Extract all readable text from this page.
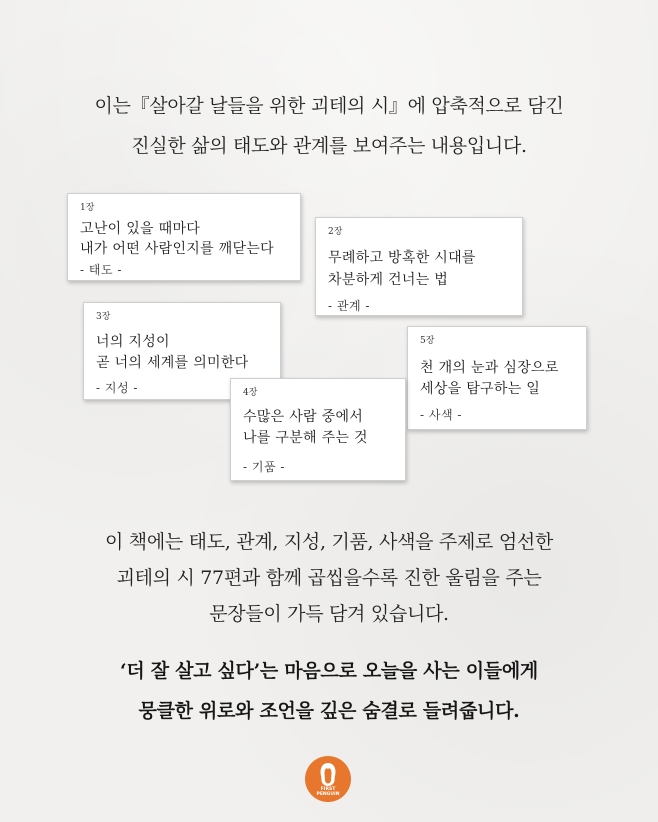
이는『살아갈 날들을 위한 괴테의 시』에 압축적으로 담긴
진실한 삶의 태도와 관계를 보여주는 내용입니다.
1장
고난이 있을 때마다
내가 어떤 사람인지를 깨닫는다
- 태도 -
2장
무례하고 방혹한 시대를
차분하게 건너는 법
- 관계 -
3장
너의 지성이
곧 너의 세계를 의미한다
- 지성 -
5장
천 개의 눈과 심장으로
세상을 탐구하는 일
- 사색 -
4장
수많은 사람 중에서
나를 구분해 주는 것
- 기품 -
이 책에는 태도, 관계, 지성, 기품, 사색을 주제로 엄선한
괴테의 시 77편과 함께 곱씹을수록 진한 울림을 주는
문장들이 가득 담겨 있습니다.
‘더 잘 살고 싶다’는 마음으로 오늘을 사는 이들에게
뭉클한 위로와 조언을 깊은 숨결로 들려줍니다.
FIRST
PENGUIN
